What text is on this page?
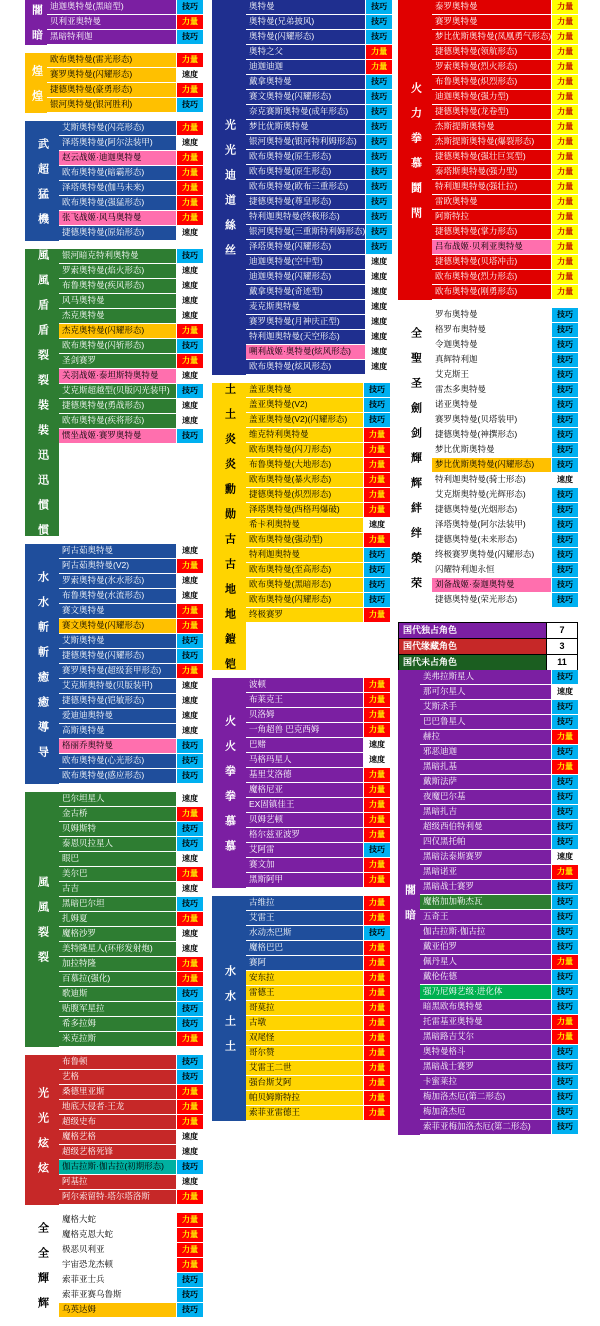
闇 暗 迪迦奥特曼(黑暗型)	技巧
贝利亚奥特曼	力量
黑暗特利迦	技巧
煌 煌
欧布奥特曼(雷光形态)	力量
赛罗奥特曼(闪耀形态)	速度
捷德奥特曼(豪勇形态)	力量
银河奥特曼(银河胜利)	技巧
武 超 猛 機
艾斯奥特曼(闪亮形态)	力量
泽塔奥特曼(阿尔法装甲)	速度
赵云战姬·迪迦奥特曼	力量
欧布奥特曼(暗霸形态)	力量
泽塔奥特曼(伽马未来)	力量
欧布奥特曼(强猛形态)	力量
张飞战姬·风马奥特曼	力量
捷德奥特曼(原始形态)	速度
風 風 盾 盾 裂 裂 裝 裝 迅 迅 慣 慣	银河暗克特利奥特曼	技巧
罗索奥特曼(焰火形态)	速度
布鲁奥特曼(疾风形态)	速度
风马奥特曼	速度
杰克奥特曼	速度
杰克奥特曼(闪耀形态)	力量
欧布奥特曼(闪斩形态)	技巧
圣剑赛罗	力量
关羽战姬·泰坦斯特奥特曼	速度
艾克斯超越型(贝版闪光装甲)	技巧
捷德奥特曼(勇战形态)	速度
欧布奥特曼(疾将形态)	速度
惯坐战姬·赛罗奥特曼	技巧
水 水 斬 斬 癒 癒 導 导
阿古茹奥特曼	速度
阿古茹奥特曼(V2)	力量
罗索奥特曼(氷水形态)	速度
布鲁奥特曼(水流形态)	速度
赛文奥特曼	力量
赛文奥特曼(闪耀形态)	力量
艾斯奥特曼	技巧
捷德奥特曼(闪耀形态)	技巧
赛罗奥特曼(超级套甲形态)	力量
艾克斯奥特曼(贝版装甲)	速度
捷德奥特曼(铠敏形态)	速度
爱迪迪奥特曼	速度
高斯奥特曼	速度
格丽乔奥特曼	技巧
欧布奥特曼(心光形态)	技巧
欧布奥特曼(感应形态)	技巧
風 風 裂 裂
巴尔坦星人	速度
金古桥	力量
贝姆斯特	技巧
泰恩贝拉星人	技巧
眼巴	速度
美尔巴	力量
古吉	速度
黑暗巴尔坦	技巧
扎姆夏	力量
魔格沙罗	速度
美特隆星人(环形发射炮)	速度
加拉特隆	力量
百慕拉(强化)	力量
歌迪斯	技巧
贴腹军星拉	技巧
希多拉姆	技巧
米克拉斯	力量
光 光 炫 炫
布鲁顿	技巧
艺格	技巧
桑德里亚斯	力量
地底大侵者·王龙	力量
超级史布	力量
魔格艺格	速度
超级艺格死锋	速度
伽古拉斯·伽古拉(初期形态)	技巧
阿基拉	速度
阿尔索留特·塔尔塔洛斯	力量
全 全 輝 辉
魔格大蛇	力量
魔格克恩大蛇	力量
极恶贝利亚	力量
宇宙恐龙杰顿	力量
索菲亚士兵	技巧
索菲亚赛乌鲁斯	技巧
乌英达姆	技巧
光 光 迪 道 絲 丝
奥特曼	技巧
奥特曼(兄弟披风)	技巧
奥特曼(闪耀形态)	技巧
奥特之父	力量
迪迦迪迦	力量
戴拿奥特曼	技巧
赛文奥特曼(闪耀形态)	技巧
奈克赛斯奥特曼(成年形态)	技巧
梦比优斯奥特曼	技巧
银河奥特曼(银河特利姆形态)	技巧
欧布奥特曼(原生形态)	技巧
欧布奥特曼(原生形态)	技巧
欧布奥特曼(欧布三重形态)	技巧
捷德奥特曼(尊皇形态)	技巧
特利迦奥特曼(终极形态)	技巧
银河奥特曼(三重斯特利姆形态) 技巧
泽塔奥特曼(闪耀形态)	技巧
迪迦奥特曼(空中型)	速度
迪迦奥特曼(闪耀形态)	速度
戴拿奥特曼(奇迹型)	速度
麦克斯奥特曼	速度
赛罗奥特曼(月神庆正型)	速度
特利迦奥特曼(天空形态)	速度
嗍利战姬·奥特曼(炫风形态)	速度
欧布奥特曼(炫风形态)	速度
土 土 炎 炎 勳 勋 古 古 地 地 鎧 铠	盖亚奥特曼	技巧
盖亚奥特曼(V2)	技巧
盖亚奥特曼(V2)(闪耀形态)	技巧
维克特利奥特曼	力量
欧布奥特曼(闪刀形态)	力量
布鲁奥特曼(大地形态)	力量
欧布奥特曼(暴火形态)	力量
捷德奥特曼(炽烈形态)	力量
泽塔奥特曼(西格玛爆破)	力量
希卡利奥特曼	速度
欧布奥特曼(强动型)	力量
特利迦奥特曼	技巧
欧布奥特曼(至高形态)	技巧
欧布奥特曼(黑暗形态)	技巧
欧布奥特曼(闪耀形态)	技巧
终极赛罗	力量
火 火 拳 拳 慕 慕
波顿	力量
布莱克王	力量
贝洛姆	力量
一角超兽 巴克西姆	力量
巴赌	速度
马格玛星人	速度
基里艾洛德	力量
魔格尼亚	力量
EX固镇佳王	力量
贝姆艺顿	力量
格尔兹亚波罗	力量
艾阿雷	技巧
赛文加	力量
黑斯阿甲	力量
水 水 土 土
古维拉	力量
艾雷王	力量
水动杰巴斯	技巧
魔格巴巴	力量
赛阿	力量
安东拉	力量
雷德王	力量
哥莫拉	力量
古墩	力量
双尾怪	力量
哥尔赞	力量
艾雷王二世	力量
强台斯艾阿	力量
帕贝姆斯特拉	力量
索菲亚雷德王	力量
火 力 拳 慕 鬪 閇
泰罗奥特曼	力量
赛罗奥特曼	力量
梦比优斯奥特曼(凤凰勇气形态) 力量
捷德奥特曼(领航形态)	力量
罗索奥特曼(烈火形态)	力量
布鲁奥特曼(炽烈形态)	力量
迪迦奥特曼(强力型)	力量
捷德奥特曼(龙卷型)	力量
杰斯提斯奥特曼	力量
杰斯提斯奥特曼(爆裂形态)	力量
捷德奥特曼(强壮巨冥型)	力量
泰塔斯奥特曼(强力型)	力量
特利迦奥特曼(强壮拉)	力量
雷欧奥特曼	力量
阿斯特拉	力量
捷德奥特曼(掌力形态)	力量
吕布战姬·贝利亚奥特曼	力量
捷德奥特曼(贝塔冲击)	力量
欧布奥特曼(烈力形态)	力量
欧布奥特曼(刚勇形态)	力量
全 聖 圣 劍 剑 輝 辉 絆 绊 榮 荣
罗布奥特曼	技巧
格罗布奥特曼	技巧
令迦奥特曼	技巧
真辉特利迦	技巧
艾克斯王	技巧
雷杰多奥特曼	技巧
诺亚奥特曼	技巧
赛罗奥特曼(贝塔装甲)	技巧
捷德奥特曼(神撰形态)	技巧
梦比优斯奥特曼	技巧
梦比优斯奥特曼(闪耀形态)	技巧
特利迦奥特曼(骑士形态)	速度
艾克斯奥特曼(光辉形态)	技巧
捷德奥特曼(光烟形态)	技巧
泽塔奥特曼(阿尔法装甲)	技巧
捷德奥特曼(未来形态)	技巧
终极赛罗奥特曼(闪耀形态)	技巧
闪耀特利迦永恒	技巧
刘备战姬·泰迦奥特曼	技巧
捷德奥特曼(荣光形态)	技巧
国代独占角色	7
国代缘藏角色	3
国代未占角色	11
闇 暗
美弗拉斯星人	技巧
那可尔星人	速度
艾斯杀手	技巧
巴巴鲁星人	技巧
赫拉	力量
邪恶迪迦	技巧
黑暗扎基	力量
戴斯法萨	技巧
夜魔巴尔基	技巧
黑暗扎吉	技巧
超级西伯特利曼	技巧
四仅黑托帕	技巧
黑暗法泰斯赛罗	速度
黑暗诺亚	力量
黑暗战士赛罗	技巧
魔格加加勒杰瓦	技巧
五奇王	技巧
伽古拉斯·伽古拉	技巧
戴亚伯罗	技巧
佩丹星人	力量
戴伦佐德	技巧
强乃尼姆艺级·进化体	技巧
暗黑欧布奥特曼	技巧
托雷基亚奥特曼	力量
黑暗路吉艾尔	力量
奥特曼格斗	技巧
黑暗战士赛罗	技巧
卡蜜莱拉	技巧
梅加洛杰厄(第二形态)	技巧
梅加洛杰厄	技巧
索菲亚梅加洛杰厄(第二形态)	技巧
